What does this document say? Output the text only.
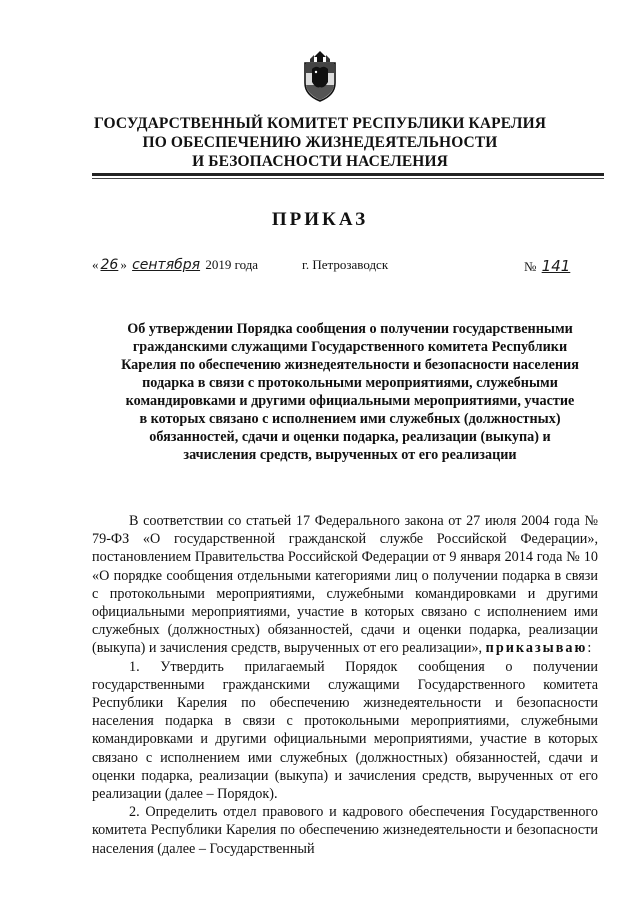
ГОСУДАРСТВЕННЫЙ КОМИТЕТ РЕСПУБЛИКИ КАРЕЛИЯ
ПО ОБЕСПЕЧЕНИЮ ЖИЗНЕДЕЯТЕЛЬНОСТИ
И БЕЗОПАСНОСТИ НАСЕЛЕНИЯ
ПРИКАЗ
« 26 » сентября 2019 года	г. Петрозаводск	№ 141
Об утверждении Порядка сообщения о получении государственными
гражданскими служащими Государственного комитета Республики
Карелия по обеспечению жизнедеятельности и безопасности населения
подарка в связи с протокольными мероприятиями, служебными
командировками и другими официальными мероприятиями, участие
в которых связано с исполнением ими служебных (должностных)
обязанностей, сдачи и оценки подарка, реализации (выкупа) и
зачисления средств, вырученных от его реализации

В соответствии со статьей 17 Федерального закона от 27 июля 2004 года № 79-ФЗ «О государственной гражданской службе Российской Федерации», постановлением Правительства Российской Федерации от 9 января 2014 года № 10 «О порядке сообщения отдельными категориями лиц о получении подарка в связи с протокольными мероприятиями, служебными командировками и другими официальными мероприятиями, участие в которых связано с исполнением ими служебных (должностных) обязанностей, сдачи и оценки подарка, реализации (выкупа) и зачисления средств, вырученных от его реализации», приказываю:

1. Утвердить прилагаемый Порядок сообщения о получении государственными гражданскими служащими Государственного комитета Республики Карелия по обеспечению жизнедеятельности и безопасности населения подарка в связи с протокольными мероприятиями, служебными командировками и другими официальными мероприятиями, участие в которых связано с исполнением ими служебных (должностных) обязанностей, сдачи и оценки подарка, реализации (выкупа) и зачисления средств, вырученных от его реализации (далее – Порядок).

2. Определить отдел правового и кадрового обеспечения Государственного комитета Республики Карелия по обеспечению жизнедеятельности и безопасности населения (далее – Государственный
